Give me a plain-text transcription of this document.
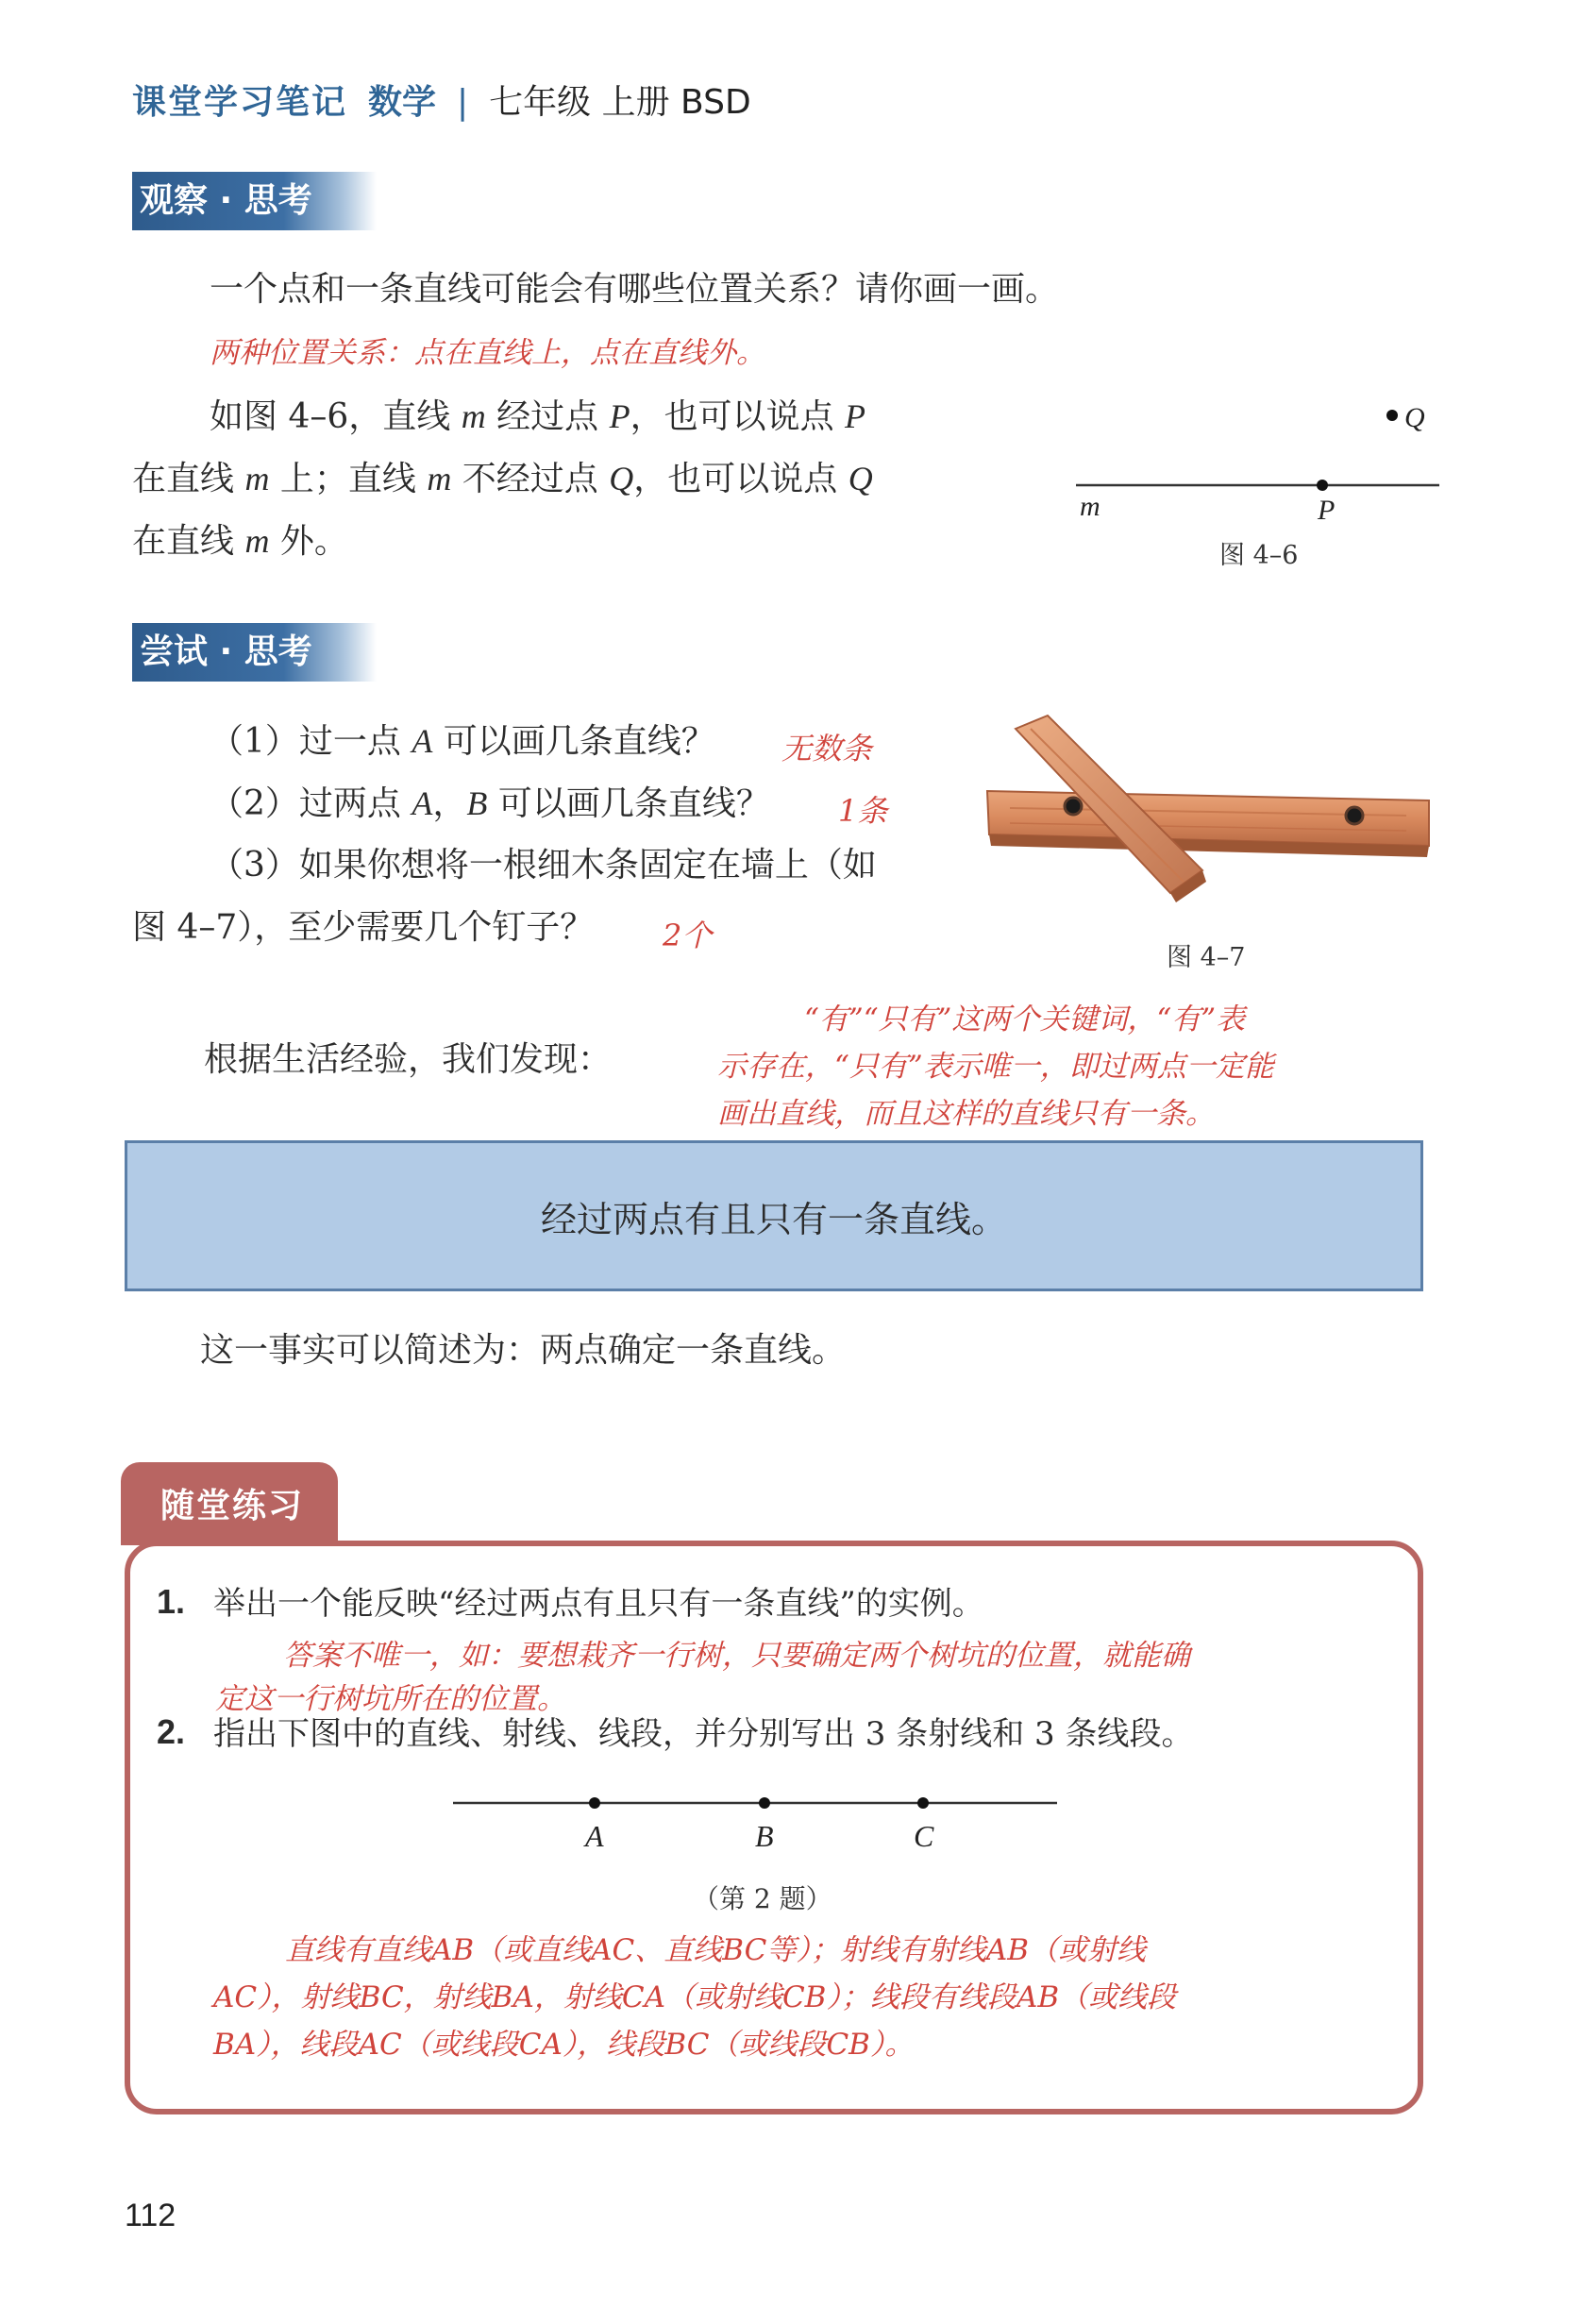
课堂学习笔记 数学 | 七年级 上册 BSD
观察 · 思考
一个点和一条直线可能会有哪些位置关系？请你画一画。
两种位置关系：点在直线上，点在直线外。
如图 4–6，直线 m 经过点 P，也可以说点 P
在直线 m 上；直线 m 不经过点 Q，也可以说点 Q
在直线 m 外。
Q
P
m
图 4–6
尝试 · 思考
（1）过一点 A 可以画几条直线？ 无数条
（2）过两点 A，B 可以画几条直线？ 1条
（3）如果你想将一根细木条固定在墙上（如
图 4–7），至少需要几个钉子？ 2个
图 4–7
根据生活经验，我们发现：
“有”“只有”这两个关键词，“有”表
示存在，“只有”表示唯一，即过两点一定能
画出直线，而且这样的直线只有一条。
经过两点有且只有一条直线。
这一事实可以简述为：两点确定一条直线。
随堂练习
1. 举出一个能反映“经过两点有且只有一条直线”的实例。
答案不唯一，如：要想栽齐一行树，只要确定两个树坑的位置，就能确
定这一行树坑所在的位置。
2. 指出下图中的直线、射线、线段，并分别写出 3 条射线和 3 条线段。
A	B	C
（第 2 题）
直线有直线AB（或直线AC、直线BC等）；射线有射线AB（或射线
AC），射线BC，射线BA，射线CA（或射线CB）；线段有线段AB（或线段
BA），线段AC（或线段CA），线段BC（或线段CB）。
112
